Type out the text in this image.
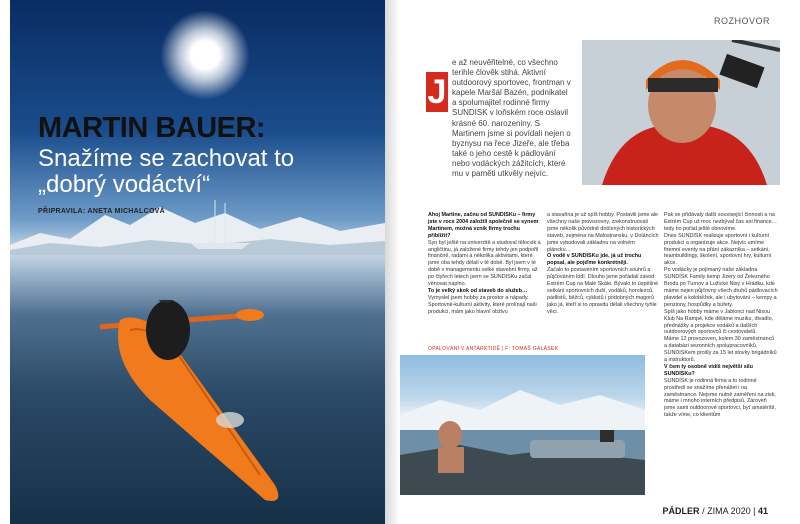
MARTIN BAUER:
Snažíme se zachovat to „dobrý vodáctví“
PŘIPRAVILA: ANETA MICHALCOVÁ
ROZHOVOR
J
e až neuvěřitelné, co všechno terihle člověk stihá. Aktivní outdoorový sportovec, frontman v kapele Maršál Bazén, podnikatel a spolumajitel rodinné firmy SUNDISK v loňském roce oslavil krásné 60. narozeniny. S Martinem jsme si povídali nejen o byznysu na řece Jizeře, ale třeba také o jeho cestě k pádlování nebo vodáckých zážitcích, které mu v paměti utkvěly nejvíc.

Ahoj Martine, začnu od SUNDISKu – firmy jste v roce 2004 založili společně se synem Martinem, možná vznik firmy trochu přiblížit?

Syn byl ještě na univerzitě a studoval tělocvik a angličtinu, já založené firmy tehdy jen podpořil finančně, radami a několika aktivitami, které jsme oba tehdy dělali v té době. Byl jsem v té době v managementu velké stavební firmy, až po čtyřech letech jsem se SUNDISKu začal věnovat naplno.

To je velký skok od staveb do služeb…

Vymyslel jsem hobby za prostor a nápady. Sportovně-kulturní aktivity, které prolínají naši produkci, mám jako hlavní obživu

a stavařina je už spíš hobby. Postavili jsme ale všechny naše provozovny, zrekonstruovali jsme několik původně dotčených historických staveb, zejména na Malostransku, v Doláncích jsme vybudovali základnu na volném pláncku…

O vodě v SUNDISKu jde, já už trochu popsal, ale pojďme konkrétněji.

Začalo to postavením sportovních souhrů a půjčováním lodí. Dlouho jsme pořádali závod Extrém Cup na Malé Skále. Bývalo to úspěšné setkání sportovních duší, vodáků, horolezců, pádlistů, běžců, cyklistů i podobných magorů jako já, kteří si to opravdu dělali všechny tyhle věci.

Pak se přidávaly další související činnosti a na Extrém Cup už moc nezbýval čas ani finance… tedy ho pořád ještě obnovíme.

Dnes SUNDISK realizuje sportovní i kulturní produkci a organizuje akce. Nejvíc umíme firemní eventy na přání zákazníka – setkání, teambuildingy, školení, sportovní hry, kulturní akce.

Po vodácky je pojímaný naše základna SUNDISK Family kemp Jizery od Železného Brodu po Turnov a Lužické Nisy v Hrádku, kde máme nejen půjčovny všech druhů pádlovacích plavidel a koloběžek, ale i ubytování – kempy a penziony, hospůdky a bufety.

Spíš jako hobby máme v Jablonci nad Nisou Klub Na Rampě, kde děláme muziku, divadlo, přednášky a projekce vodáků a dalších outdoorových sportovců či cestovatelů.

Máme 12 provozoven, kolem 30 zaměstnanců a databázi sezonních spolupracovníků, SUNDISKem prošly za 15 let stovky brigádníků a instruktorů.

V čem ty osobně vidíš největší sílu SUNDISKu?

SUNDISK je rodinná firma a to rodinné prostředí se snažíme přenášet i na zaměstnance. Nejsme nutně zaměřeni na zisk, máme i mnoho interních předpisů. Zároveň jsme sami outdoorové sportovci, byť amatérští, takže víme, co klientům

OPALOVÁNÍ V ANTARKTIDĚ | F: TOMÁŠ GALÁSEK
PÁDLER / ZIMA 2020 | 41
